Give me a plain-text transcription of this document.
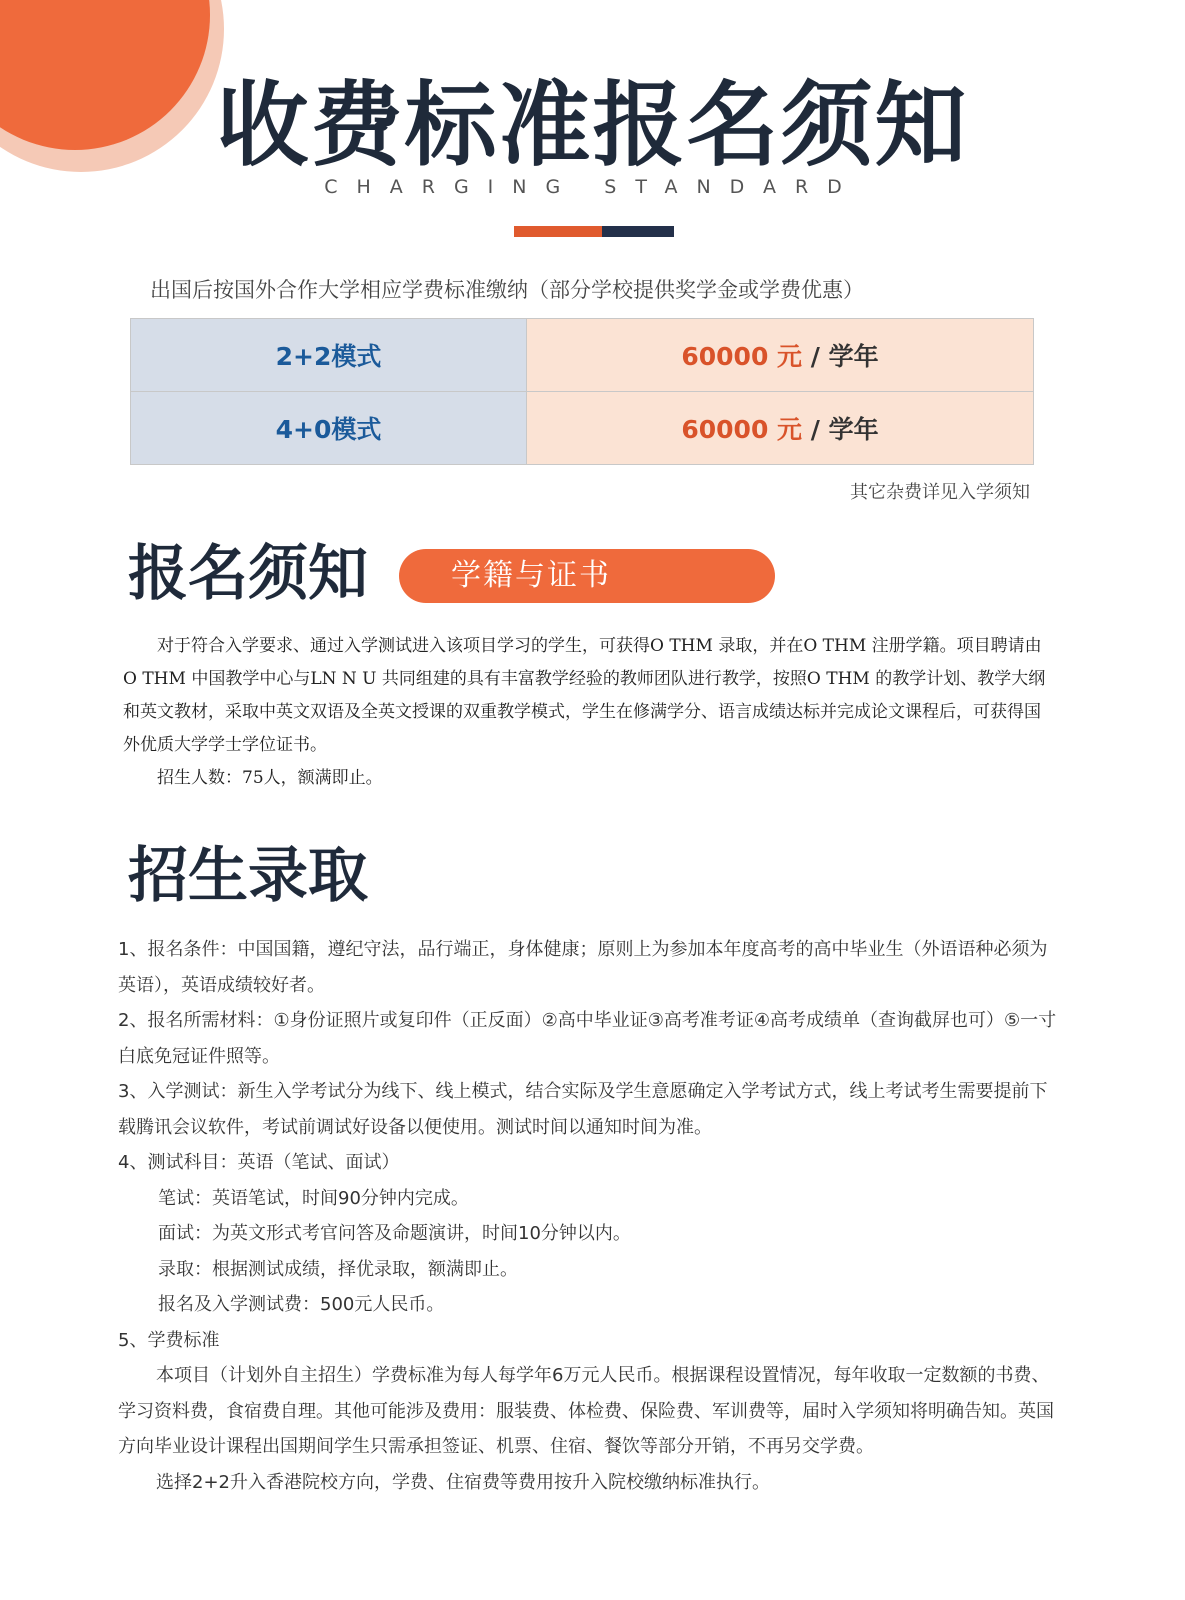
收费标准报名须知
CHARGING STANDARD
出国后按国外合作大学相应学费标准缴纳（部分学校提供奖学金或学费优惠）
2+2模式	60000 元 / 学年
4+0模式	60000 元 / 学年
其它杂费详见入学须知
报名须知	学籍与证书

对于符合入学要求、通过入学测试进入该项目学习的学生，可获得O THM 录取，并在O THM 注册学籍。项目聘请由O THM 中国教学中心与LN N U 共同组建的具有丰富教学经验的教师团队进行教学，按照O THM 的教学计划、教学大纲和英文教材，采取中英文双语及全英文授课的双重教学模式，学生在修满学分、语言成绩达标并完成论文课程后，可获得国外优质大学学士学位证书。

招生人数：75人，额满即止。

招生录取

1、报名条件：中国国籍，遵纪守法，品行端正，身体健康；原则上为参加本年度高考的高中毕业生（外语语种必须为英语），英语成绩较好者。

2、报名所需材料：①身份证照片或复印件（正反面）②高中毕业证③高考准考证④高考成绩单（查询截屏也可）⑤一寸白底免冠证件照等。

3、入学测试：新生入学考试分为线下、线上模式，结合实际及学生意愿确定入学考试方式，线上考试考生需要提前下载腾讯会议软件，考试前调试好设备以便使用。测试时间以通知时间为准。

4、测试科目：英语（笔试、面试）

笔试：英语笔试，时间90分钟内完成。

面试：为英文形式考官问答及命题演讲，时间10分钟以内。

录取：根据测试成绩，择优录取，额满即止。

报名及入学测试费：500元人民币。

5、学费标准

本项目（计划外自主招生）学费标准为每人每学年6万元人民币。根据课程设置情况，每年收取一定数额的书费、学习资料费，食宿费自理。其他可能涉及费用：服装费、体检费、保险费、军训费等，届时入学须知将明确告知。英国方向毕业设计课程出国期间学生只需承担签证、机票、住宿、餐饮等部分开销，不再另交学费。

选择2+2升入香港院校方向，学费、住宿费等费用按升入院校缴纳标准执行。
